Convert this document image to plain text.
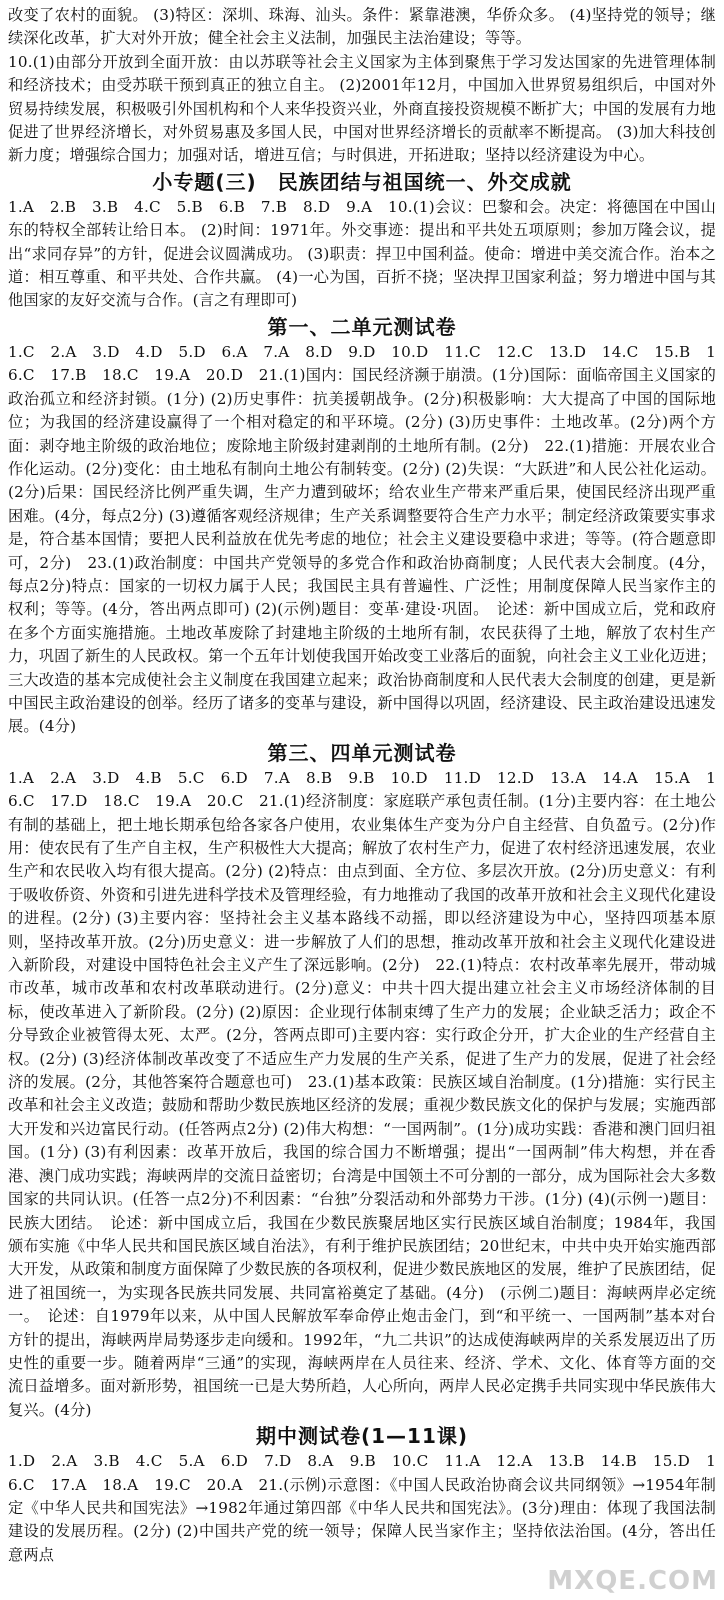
改变了农村的面貌。 (3)特区：深圳、珠海、汕头。条件：紧靠港澳，华侨众多。 (4)坚持党的领导；继续深化改革，扩大对外开放；健全社会主义法制，加强民主法治建设；等等。

10.(1)由部分开放到全面开放：由以苏联等社会主义国家为主体到聚焦于学习发达国家的先进管理体制和经济技术；由受苏联干预到真正的独立自主。 (2)2001年12月，中国加入世界贸易组织后，中国对外贸易持续发展，积极吸引外国机构和个人来华投资兴业，外商直接投资规模不断扩大；中国的发展有力地促进了世界经济增长，对外贸易惠及多国人民，中国对世界经济增长的贡献率不断提高。 (3)加大科技创新力度；增强综合国力；加强对话，增进互信；与时俱进，开拓进取；坚持以经济建设为中心。

小专题(三)　民族团结与祖国统一、外交成就

1.A　2.B　3.B　4.C　5.B　6.B　7.B　8.D　9.A　10.(1)会议：巴黎和会。决定：将德国在中国山东的特权全部转让给日本。 (2)时间：1971年。外交事迹：提出和平共处五项原则；参加万隆会议，提出“求同存异”的方针，促进会议圆满成功。 (3)职责：捍卫中国利益。使命：增进中美交流合作。治本之道：相互尊重、和平共处、合作共赢。 (4)一心为国，百折不挠；坚决捍卫国家利益；努力增进中国与其他国家的友好交流与合作。(言之有理即可)

第一、二单元测试卷

1.C　2.A　3.D　4.D　5.D　6.A　7.A　8.D　9.D　10.D　11.C　12.C　13.D　14.C　15.B　16.C　17.B　18.C　19.A　20.D　21.(1)国内：国民经济濒于崩溃。(1分)国际：面临帝国主义国家的政治孤立和经济封锁。(1分) (2)历史事件：抗美援朝战争。(2分)积极影响：大大提高了中国的国际地位；为我国的经济建设赢得了一个相对稳定的和平环境。(2分) (3)历史事件：土地改革。(2分)两个方面：剥夺地主阶级的政治地位；废除地主阶级封建剥削的土地所有制。(2分)　22.(1)措施：开展农业合作化运动。(2分)变化：由土地私有制向土地公有制转变。(2分) (2)失误：“大跃进”和人民公社化运动。(2分)后果：国民经济比例严重失调，生产力遭到破坏；给农业生产带来严重后果，使国民经济出现严重困难。(4分，每点2分) (3)遵循客观经济规律；生产关系调整要符合生产力水平；制定经济政策要实事求是，符合基本国情；要把人民利益放在优先考虑的地位；社会主义建设要稳中求进；等等。(符合题意即可，2分)　23.(1)政治制度：中国共产党领导的多党合作和政治协商制度；人民代表大会制度。(4分，每点2分)特点：国家的一切权力属于人民；我国民主具有普遍性、广泛性；用制度保障人民当家作主的权利；等等。(4分，答出两点即可) (2)(示例)题目：变革·建设·巩固。　论述：新中国成立后，党和政府在多个方面实施措施。土地改革废除了封建地主阶级的土地所有制，农民获得了土地，解放了农村生产力，巩固了新生的人民政权。第一个五年计划使我国开始改变工业落后的面貌，向社会主义工业化迈进；三大改造的基本完成使社会主义制度在我国建立起来；政治协商制度和人民代表大会制度的创建，更是新中国民主政治建设的创举。经历了诸多的变革与建设，新中国得以巩固，经济建设、民主政治建设迅速发展。(4分)

第三、四单元测试卷

1.A　2.A　3.D　4.B　5.C　6.D　7.A　8.B　9.B　10.D　11.D　12.D　13.A　14.A　15.A　16.C　17.D　18.C　19.A　20.C　21.(1)经济制度：家庭联产承包责任制。(1分)主要内容：在土地公有制的基础上，把土地长期承包给各家各户使用，农业集体生产变为分户自主经营、自负盈亏。(2分)作用：使农民有了生产自主权，生产积极性大大提高；解放了农村生产力，促进了农村经济迅速发展，农业生产和农民收入均有很大提高。(2分) (2)特点：由点到面、全方位、多层次开放。(2分)历史意义：有利于吸收侨资、外资和引进先进科学技术及管理经验，有力地推动了我国的改革开放和社会主义现代化建设的进程。(2分) (3)主要内容：坚持社会主义基本路线不动摇，即以经济建设为中心，坚持四项基本原则，坚持改革开放。(2分)历史意义：进一步解放了人们的思想，推动改革开放和社会主义现代化建设进入新阶段，对建设中国特色社会主义产生了深远影响。(2分)　22.(1)特点：农村改革率先展开，带动城市改革，城市改革和农村改革联动进行。(2分)意义：中共十四大提出建立社会主义市场经济体制的目标，使改革进入了新阶段。(2分) (2)原因：企业现行体制束缚了生产力的发展；企业缺乏活力；政企不分导致企业被管得太死、太严。(2分，答两点即可)主要内容：实行政企分开，扩大企业的生产经营自主权。(2分) (3)经济体制改革改变了不适应生产力发展的生产关系，促进了生产力的发展，促进了社会经济的发展。(2分，其他答案符合题意也可)　23.(1)基本政策：民族区域自治制度。(1分)措施：实行民主改革和社会主义改造；鼓励和帮助少数民族地区经济的发展；重视少数民族文化的保护与发展；实施西部大开发和兴边富民行动。(任答两点2分) (2)伟大构想：“一国两制”。(1分)成功实践：香港和澳门回归祖国。(1分) (3)有利因素：改革开放后，我国的综合国力不断增强；提出“一国两制”伟大构想，并在香港、澳门成功实践；海峡两岸的交流日益密切；台湾是中国领土不可分割的一部分，成为国际社会大多数国家的共同认识。(任答一点2分)不利因素：“台独”分裂活动和外部势力干涉。(1分) (4)(示例一)题目：民族大团结。　论述：新中国成立后，我国在少数民族聚居地区实行民族区域自治制度；1984年，我国颁布实施《中华人民共和国民族区域自治法》，有利于维护民族团结；20世纪末，中共中央开始实施西部大开发，从政策和制度方面保障了少数民族的各项权利，促进少数民族地区的发展，维护了民族团结，促进了祖国统一，为实现各民族共同发展、共同富裕奠定了基础。(4分)　(示例二)题目：海峡两岸必定统一。　论述：自1979年以来，从中国人民解放军奉命停止炮击金门，到“和平统一、一国两制”基本对台方针的提出，海峡两岸局势逐步走向缓和。1992年，“九二共识”的达成使海峡两岸的关系发展迈出了历史性的重要一步。随着两岸“三通”的实现，海峡两岸在人员往来、经济、学术、文化、体育等方面的交流日益增多。面对新形势，祖国统一已是大势所趋，人心所向，两岸人民必定携手共同实现中华民族伟大复兴。(4分)

期中测试卷(1—11课)

1.D　2.A　3.B　4.C　5.A　6.D　7.D　8.A　9.B　10.C　11.A　12.A　13.B　14.B　15.D　16.C　17.A　18.A　19.C　20.A　21.(示例)示意图：《中国人民政治协商会议共同纲领》→1954年制定《中华人民共和国宪法》→1982年通过第四部《中华人民共和国宪法》。(3分)理由：体现了我国法制建设的发展历程。(2分) (2)中国共产党的统一领导；保障人民当家作主；坚持依法治国。(4分，答出任意两点

MXQE.COM
